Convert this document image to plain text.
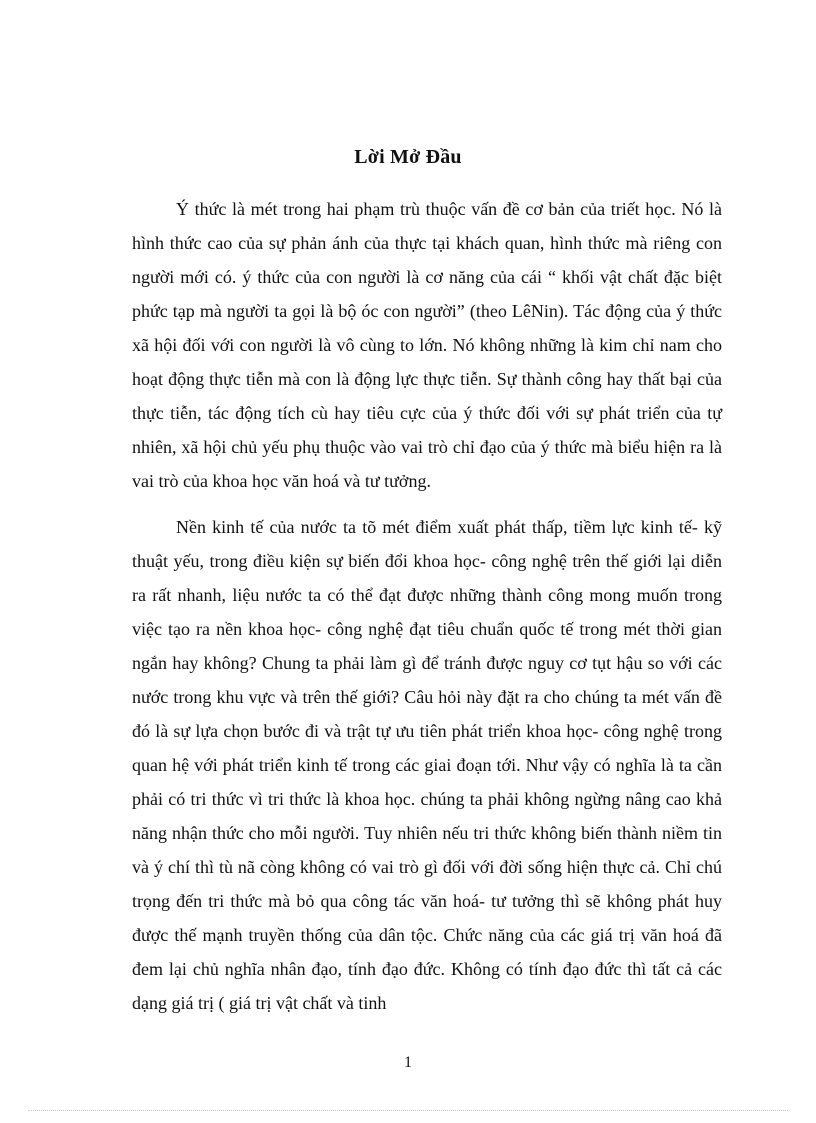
Lời Mở Đầu

Ý thức là mét trong hai phạm trù thuộc vấn đề cơ bản của triết học. Nó là hình thức cao của sự phản ánh của thực tại khách quan, hình thức mà riêng con người mới có. ý thức của con người là cơ năng của cái “ khối vật chất đặc biệt phức tạp mà người ta gọi là bộ óc con người” (theo LêNin). Tác động của ý thức xã hội đối với con người là vô cùng to lớn. Nó không những là kim chỉ nam cho hoạt động thực tiễn mà con là động lực thực tiễn. Sự thành công hay thất bại của thực tiễn, tác động tích cù hay tiêu cực của ý thức đối với sự phát triển của tự nhiên, xã hội chủ yếu phụ thuộc vào vai trò chỉ đạo của ý thức mà biểu hiện ra là vai trò của khoa học văn hoá và tư tưởng.

Nền kinh tế của nước ta tõ mét điểm xuất phát thấp, tiềm lực kinh tế- kỹ thuật yếu, trong điều kiện sự biến đổi khoa học- công nghệ trên thế giới lại diễn ra rất nhanh, liệu nước ta có thể đạt được những thành công mong muốn trong việc tạo ra nền khoa học- công nghệ đạt tiêu chuẩn quốc tế trong mét thời gian ngắn hay không? Chung ta phải làm gì để tránh được nguy cơ tụt hậu so với các nước trong khu vực và trên thế giới? Câu hỏi này đặt ra cho chúng ta mét vấn đề đó là sự lựa chọn bước đi và trật tự ưu tiên phát triển khoa học- công nghệ trong quan hệ với phát triển kinh tế trong các giai đoạn tới. Như vậy có nghĩa là ta cần phải có tri thức vì tri thức là khoa học. chúng ta phải không ngừng nâng cao khả năng nhận thức cho mỗi người. Tuy nhiên nếu tri thức không biến thành niềm tin và ý chí thì tù nã còng không có vai trò gì đối với đời sống hiện thực cả. Chỉ chú trọng đến tri thức mà bỏ qua công tác văn hoá- tư tưởng thì sẽ không phát huy được thế mạnh truyền thống của dân tộc. Chức năng của các giá trị văn hoá đã đem lại chủ nghĩa nhân đạo, tính đạo đức. Không có tính đạo đức thì tất cả các dạng giá trị ( giá trị vật chất và tinh

1
